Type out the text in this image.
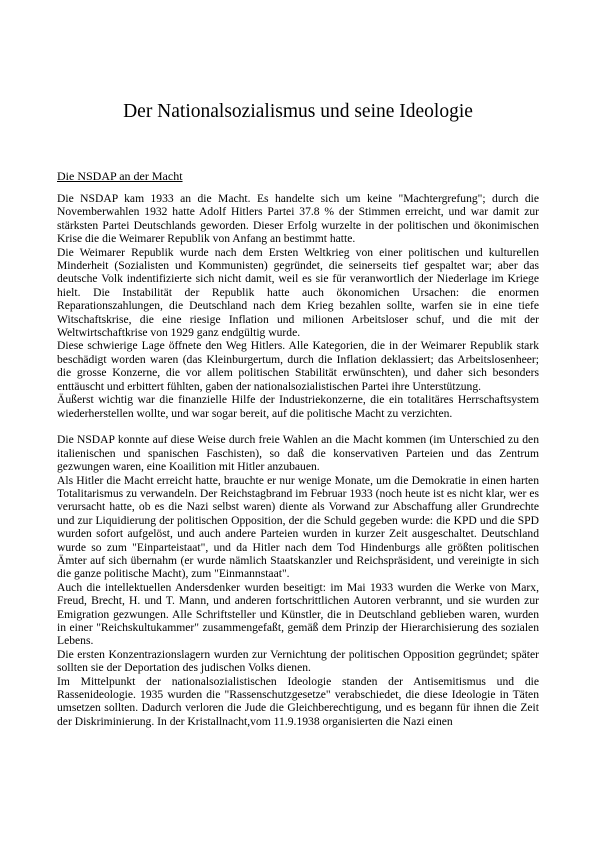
Der Nationalsozialismus und seine Ideologie

Die NSDAP an der Macht

Die NSDAP kam 1933 an die Macht. Es handelte sich um keine "Machtergrefung"; durch die Novemberwahlen 1932 hatte Adolf Hitlers Partei 37.8 % der Stimmen erreicht, und war damit zur stärksten Partei Deutschlands geworden. Dieser Erfolg wurzelte in der politischen und ökonimischen Krise die die Weimarer Republik von Anfang an bestimmt hatte.

Die Weimarer Republik wurde nach dem Ersten Weltkrieg von einer politischen und kulturellen Minderheit (Sozialisten und Kommunisten) gegründet, die seinerseits tief gespaltet war; aber das deutsche Volk indentifizierte sich nicht damit, weil es sie für veranwortlich der Niederlage im Kriege hielt. Die Instabilität der Republik hatte auch ökonomichen Ursachen: die enormen Reparationszahlungen, die Deutschland nach dem Krieg bezahlen sollte, warfen sie in eine tiefe Witschaftskrise, die eine riesige Inflation und milionen Arbeitsloser schuf, und die mit der Weltwirtschaftkrise von 1929 ganz endgültig wurde.

Diese schwierige Lage öffnete den Weg Hitlers. Alle Kategorien, die in der Weimarer Republik stark beschädigt worden waren (das Kleinburgertum, durch die Inflation deklassiert; das Arbeitslosenheer; die grosse Konzerne, die vor allem politischen Stabilität erwünschten), und daher sich besonders enttäuscht und erbittert fühlten, gaben der nationalsozialistischen Partei ihre Unterstützung.

Äußerst wichtig war die finanzielle Hilfe der Industriekonzerne, die ein totalitäres Herrschaftsystem wiederherstellen wollte, und war sogar bereit, auf die politische Macht zu verzichten.

Die NSDAP konnte auf diese Weise durch freie Wahlen an die Macht kommen (im Unterschied zu den italienischen und spanischen Faschisten), so daß die konservativen Parteien und das Zentrum gezwungen waren, eine Koailition mit Hitler anzubauen.

Als Hitler die Macht erreicht hatte, brauchte er nur wenige Monate, um die Demokratie in einen harten Totalitarismus zu verwandeln. Der Reichstagbrand im Februar 1933 (noch heute ist es nicht klar, wer es verursacht hatte, ob es die Nazi selbst waren) diente als Vorwand zur Abschaffung aller Grundrechte und zur Liquidierung der politischen Opposition, der die Schuld gegeben wurde: die KPD und die SPD wurden sofort aufgelöst, und auch andere Parteien wurden in kurzer Zeit ausgeschaltet. Deutschland wurde so zum "Einparteistaat", und da Hitler nach dem Tod Hindenburgs alle größten politischen Ämter auf sich übernahm (er wurde nämlich Staatskanzler und Reichspräsident, und vereinigte in sich die ganze politische Macht), zum "Einmannstaat".

Auch die intellektuellen Andersdenker wurden beseitigt: im Mai 1933 wurden die Werke von Marx, Freud, Brecht, H. und T. Mann, und anderen fortschrittlichen Autoren verbrannt, und sie wurden zur Emigration gezwungen. Alle Schriftsteller und Künstler, die in Deutschland geblieben waren, wurden in einer "Reichskultukammer" zusammengefaßt, gemäß dem Prinzip der Hierarchisierung des sozialen Lebens.

Die ersten Konzentrazionslagern wurden zur Vernichtung der politischen Opposition gegründet; später sollten sie der Deportation des judischen Volks dienen.

Im Mittelpunkt der nationalsozialistischen Ideologie standen der Antisemitismus und die Rassenideologie. 1935 wurden die "Rassenschutzgesetze" verabschiedet, die diese Ideologie in Täten umsetzen sollten. Dadurch verloren die Jude die Gleichberechtigung, und es begann für ihnen die Zeit der Diskriminierung. In der Kristallnacht,vom 11.9.1938 organisierten die Nazi einen
